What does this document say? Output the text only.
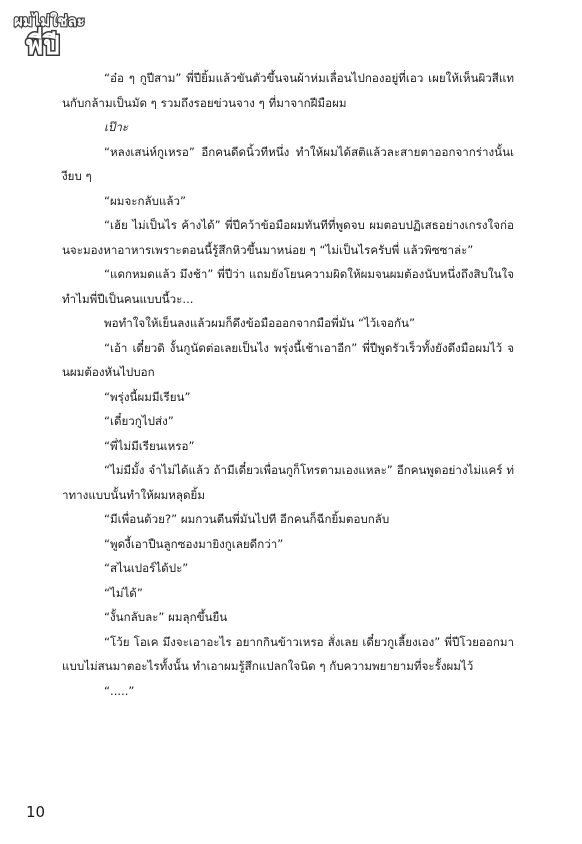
ผมไม่ใช่ละ
พี่ปี

“อ๋อ ๆ กูปีสาม” พี่ปียิ้มแล้วขันตัวขึ้นจนผ้าห่มเลื่อนไปกองอยู่ที่เอว เผยให้เห็นผิวสีแทนกับกล้ามเป็นมัด ๆ รวมถึงรอยข่วนจาง ๆ ที่มาจากฝีมือผม

เป๊าะ

“หลงเสน่ห์กูเหรอ” อีกคนดีดนิ้วทีหนึ่ง ทำให้ผมได้สติแล้วละสายตาออกจากร่างนั้นเงียบ ๆ

“ผมจะกลับแล้ว”

“เฮ้ย ไม่เป็นไร ค้างได้” พี่ปีคว้าข้อมือผมทันทีที่พูดจบ ผมตอบปฏิเสธอย่างเกรงใจก่อนจะมองหาอาหารเพราะตอนนี้รู้สึกหิวขึ้นมาหน่อย ๆ “ไม่เป็นไรครับพี่ แล้วพิซซาล่ะ”

“แดกหมดแล้ว มึงช้า” พี่ปีว่า แถมยังโยนความผิดให้ผมจนผมต้องนับหนึ่งถึงสิบในใจ ทำไมพี่ปีเป็นคนแบบนี้วะ...

พอทำใจให้เย็นลงแล้วผมก็ดึงข้อมือออกจากมือพี่มัน “ไว้เจอกัน”

“เอ้า เดี๋ยวดิ งั้นกูนัดต่อเลยเป็นไง พรุ่งนี้เช้าเอาอีก” พี่ปีพูดรัวเร็วทั้งยังดึงมือผมไว้ จนผมต้องหันไปบอก

“พรุ่งนี้ผมมีเรียน”

“เดี๋ยวกูไปส่ง”

“พี่ไม่มีเรียนเหรอ”

“ไม่มีมั้ง จำไม่ได้แล้ว ถ้ามีเดี๋ยวเพื่อนกูก็โทรตามเองแหละ” อีกคนพูดอย่างไม่แคร์ ท่าทางแบบนั้นทำให้ผมหลุดยิ้ม

“มีเพื่อนด้วย?” ผมกวนตีนพี่มันไปที อีกคนก็ฉีกยิ้มตอบกลับ

“พูดงี้เอาปืนลูกซองมายิงกูเลยดีกว่า”

“สไนเปอร์ได้ปะ”

“ไม่ได้”

“งั้นกลับละ” ผมลุกขึ้นยืน

“โว้ย โอเค มึงจะเอาอะไร อยากกินข้าวเหรอ สั่งเลย เดี๋ยวกูเลี้ยงเอง” พี่ปีโวยออกมาแบบไม่สนมาตอะไรทั้งนั้น ทำเอาผมรู้สึกแปลกใจนิด ๆ กับความพยายามที่จะรั้งผมไว้

“.....”

10
